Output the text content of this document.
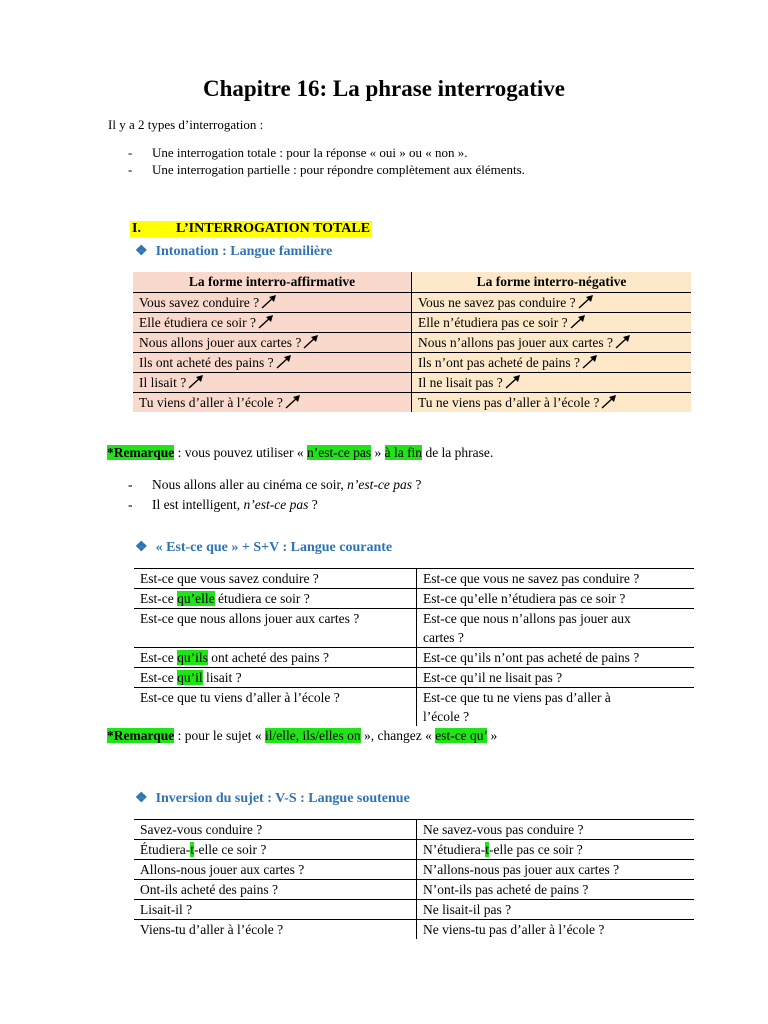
Chapitre 16: La phrase interrogative
Il y a 2 types d’interrogation :
- Une interrogation totale : pour la réponse « oui » ou « non ».
- Une interrogation partielle : pour répondre complètement aux éléments.
I.	L’INTERROGATION TOTALE
❖ Intonation : Langue familière
La forme interro-affirmative	La forme interro-négative
Vous savez conduire ?	Vous ne savez pas conduire ?
Elle étudiera ce soir ?	Elle n’étudiera pas ce soir ?
Nous allons jouer aux cartes ?	Nous n’allons pas jouer aux cartes ?
Ils ont acheté des pains ?	Ils n’ont pas acheté de pains ?
Il lisait ?	Il ne lisait pas ?
Tu viens d’aller à l’école ?	Tu ne viens pas d’aller à l’école ?
*Remarque : vous pouvez utiliser « n’est-ce pas » à la fin de la phrase.
- Nous allons aller au cinéma ce soir, n’est-ce pas ?
- Il est intelligent, n’est-ce pas ?
❖ « Est-ce que » + S+V : Langue courante
Est-ce que vous savez conduire ?	Est-ce que vous ne savez pas conduire ?
Est-ce qu’elle étudiera ce soir ?	Est-ce qu’elle n’étudiera pas ce soir ?
Est-ce que nous allons jouer aux cartes ?	Est-ce que nous n’allons pas jouer aux
cartes ?
Est-ce qu’ils ont acheté des pains ?	Est-ce qu’ils n’ont pas acheté de pains ?
Est-ce qu’il lisait ?	Est-ce qu’il ne lisait pas ?
Est-ce que tu viens d’aller à l’école ?	Est-ce que tu ne viens pas d’aller à
l’école ?
*Remarque : pour le sujet « il/elle, ils/elles on », changez « est-ce qu’ »
❖ Inversion du sujet : V-S : Langue soutenue
Savez-vous conduire ?	Ne savez-vous pas conduire ?
Étudiera-t-elle ce soir ?	N’étudiera-t-elle pas ce soir ?
Allons-nous jouer aux cartes ?	N’allons-nous pas jouer aux cartes ?
Ont-ils acheté des pains ?	N’ont-ils pas acheté de pains ?
Lisait-il ?	Ne lisait-il pas ?
Viens-tu d’aller à l’école ?	Ne viens-tu pas d’aller à l’école ?
